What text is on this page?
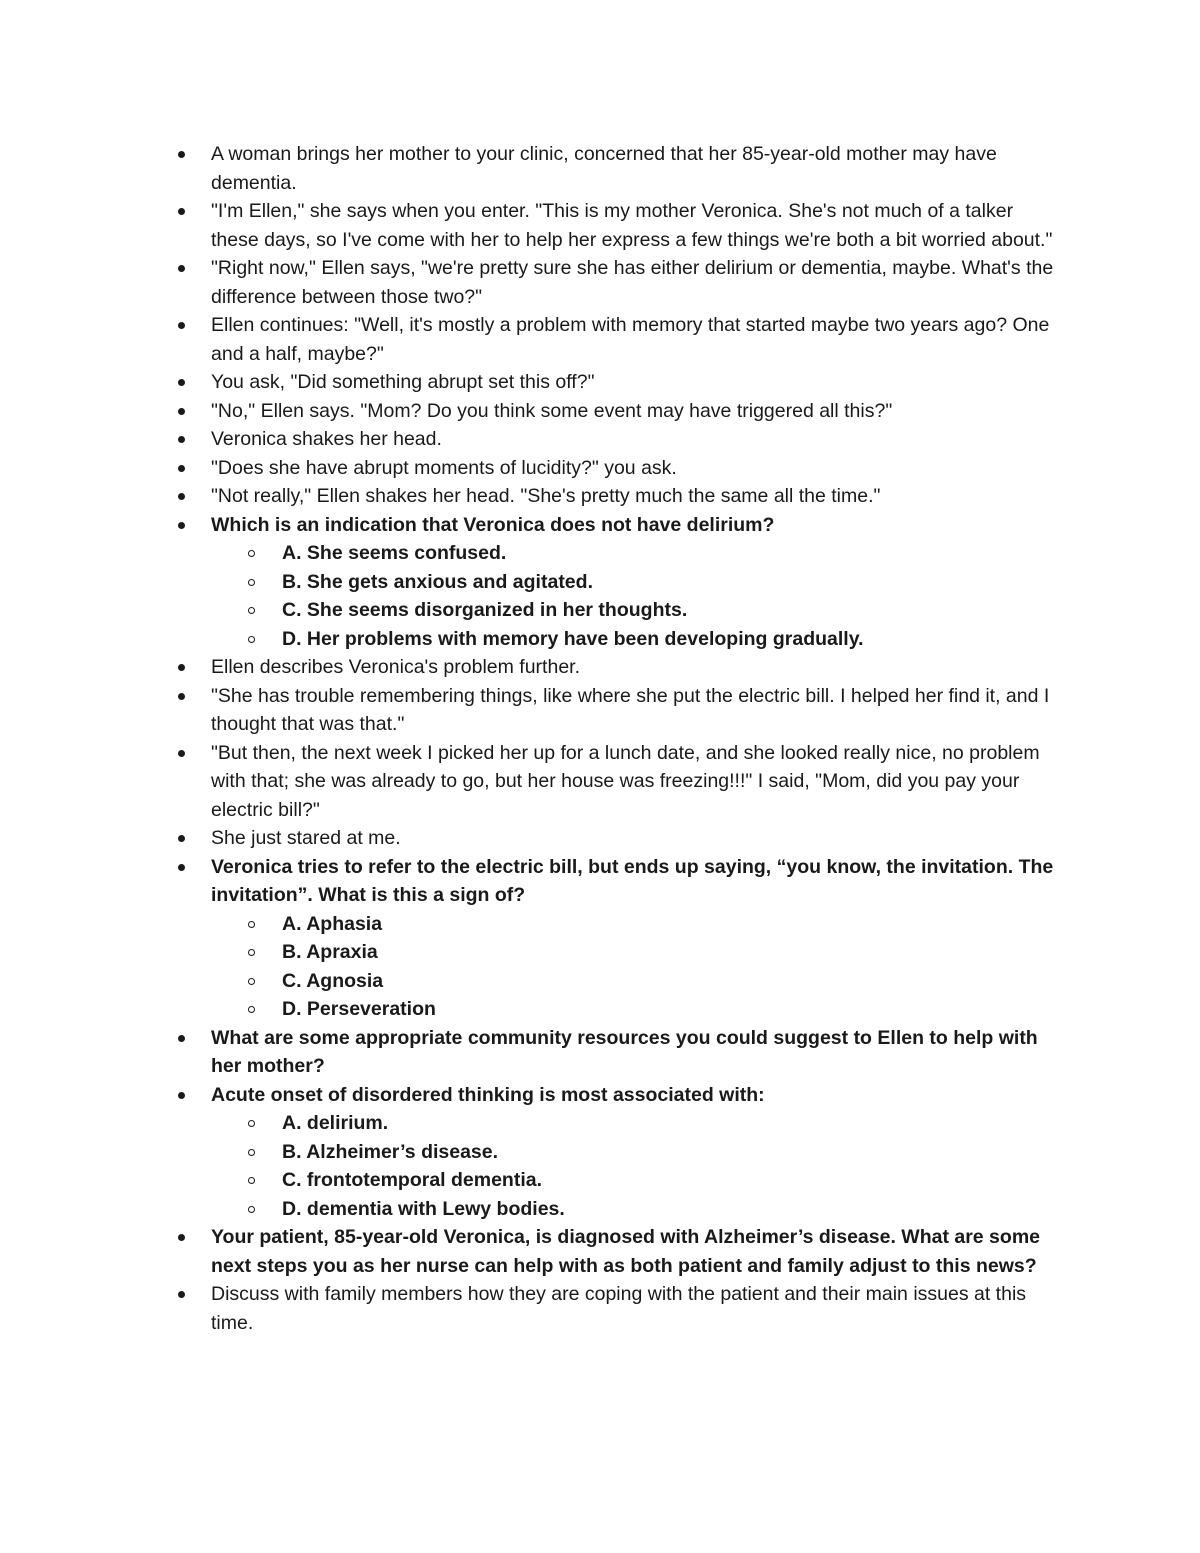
A woman brings her mother to your clinic, concerned that her 85-year-old mother may have dementia.
"I'm Ellen," she says when you enter. "This is my mother Veronica. She's not much of a talker these days, so I've come with her to help her express a few things we're both a bit worried about."
"Right now," Ellen says, "we're pretty sure she has either delirium or dementia, maybe. What's the difference between those two?"
Ellen continues: "Well, it's mostly a problem with memory that started maybe two years ago? One and a half, maybe?"
You ask, "Did something abrupt set this off?"
"No," Ellen says. "Mom? Do you think some event may have triggered all this?"
Veronica shakes her head.
"Does she have abrupt moments of lucidity?" you ask.
"Not really," Ellen shakes her head. "She's pretty much the same all the time."
Which is an indication that Veronica does not have delirium?
A. She seems confused.
B. She gets anxious and agitated.
C. She seems disorganized in her thoughts.
D. Her problems with memory have been developing gradually.
Ellen describes Veronica's problem further.
"She has trouble remembering things, like where she put the electric bill. I helped her find it, and I thought that was that."
"But then, the next week I picked her up for a lunch date, and she looked really nice, no problem with that; she was already to go, but her house was freezing!!!" I said, "Mom, did you pay your electric bill?"
She just stared at me.
Veronica tries to refer to the electric bill, but ends up saying, “you know, the invitation. The invitation”. What is this a sign of?
A. Aphasia
B. Apraxia
C. Agnosia
D. Perseveration
What are some appropriate community resources you could suggest to Ellen to help with her mother?
Acute onset of disordered thinking is most associated with:
A. delirium.
B. Alzheimer’s disease.
C. frontotemporal dementia.
D. dementia with Lewy bodies.
Your patient, 85-year-old Veronica, is diagnosed with Alzheimer’s disease. What are some next steps you as her nurse can help with as both patient and family adjust to this news?
Discuss with family members how they are coping with the patient and their main issues at this time.
